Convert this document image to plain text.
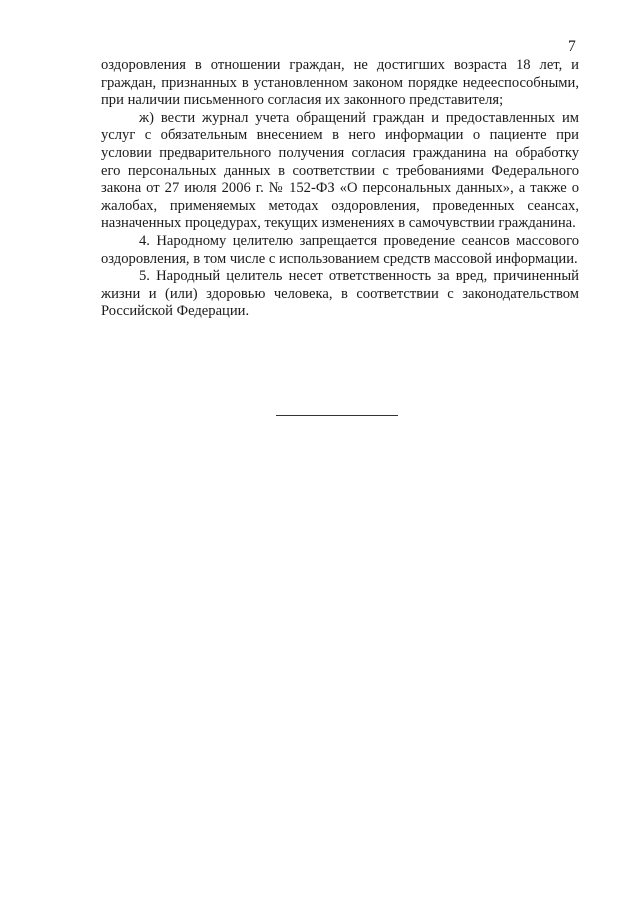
7

оздоровления в отношении граждан, не достигших возраста 18 лет, и граждан, признанных в установленном законом порядке недееспособными, при наличии письменного согласия их законного представителя;

ж) вести журнал учета обращений граждан и предоставленных им услуг с обязательным внесением в него информации о пациенте при условии предварительного получения согласия гражданина на обработку его персональных данных в соответствии с требованиями Федерального закона от 27 июля 2006 г. № 152-ФЗ «О персональных данных», а также о жалобах, применяемых методах оздоровления, проведенных сеансах, назначенных процедурах, текущих изменениях в самочувствии гражданина.

4. Народному целителю запрещается проведение сеансов массового оздоровления, в том числе с использованием средств массовой информации.

5. Народный целитель несет ответственность за вред, причиненный жизни и (или) здоровью человека, в соответствии с законодательством Российской Федерации.
